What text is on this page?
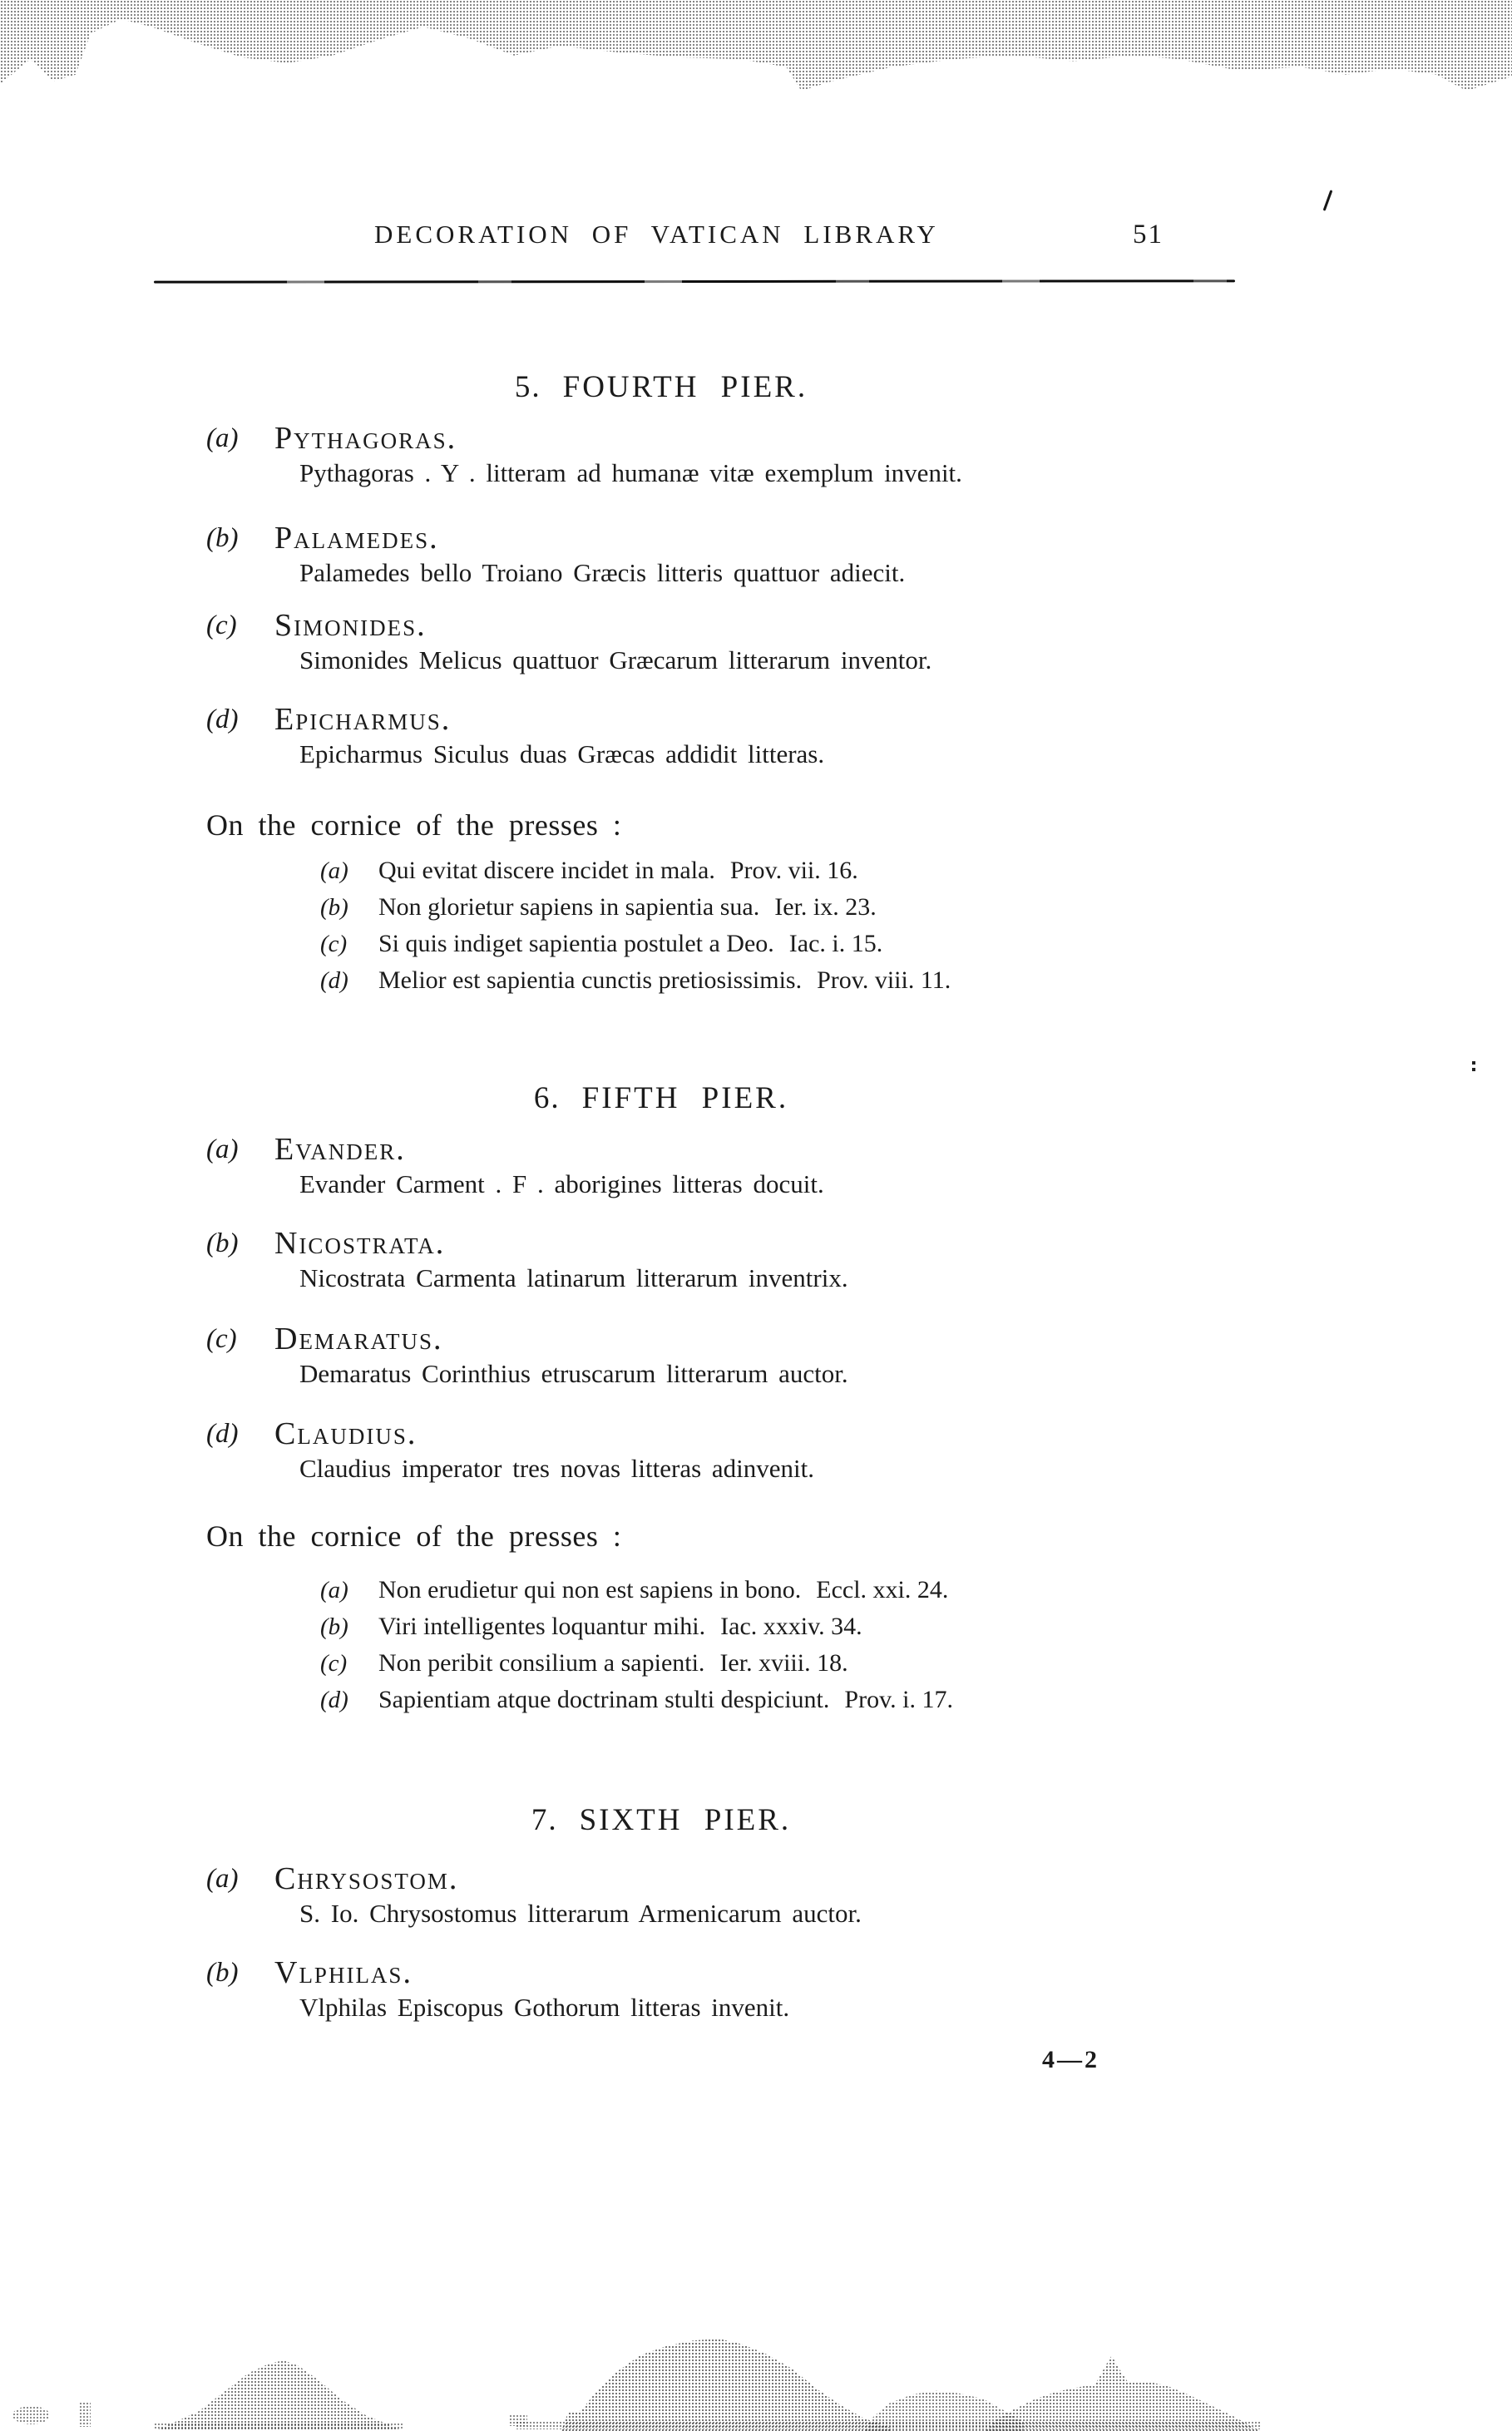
DECORATION OF VATICAN LIBRARY	51
5. FOURTH PIER.
(a)	Pythagoras.
Pythagoras . Y . litteram ad humanæ vitæ exemplum invenit.
(b)	Palamedes.
Palamedes bello Troiano Græcis litteris quattuor adiecit.
(c)	Simonides.
Simonides Melicus quattuor Græcarum litterarum inventor.
(d)	Epicharmus.
Epicharmus Siculus duas Græcas addidit litteras.
On the cornice of the presses :
(a)	Qui evitat discere incidet in mala. Prov. vii. 16.
(b)	Non glorietur sapiens in sapientia sua. Ier. ix. 23.
(c)	Si quis indiget sapientia postulet a Deo. Iac. i. 15.
(d)	Melior est sapientia cunctis pretiosissimis. Prov. viii. 11.
6. FIFTH PIER.
(a)	Evander.
Evander Carment . F . aborigines litteras docuit.
(b)	Nicostrata.
Nicostrata Carmenta latinarum litterarum inventrix.
(c)	Demaratus.
Demaratus Corinthius etruscarum litterarum auctor.
(d)	Claudius.
Claudius imperator tres novas litteras adinvenit.
On the cornice of the presses :
(a)	Non erudietur qui non est sapiens in bono. Eccl. xxi. 24.
(b)	Viri intelligentes loquantur mihi. Iac. xxxiv. 34.
(c)	Non peribit consilium a sapienti. Ier. xviii. 18.
(d)	Sapientiam atque doctrinam stulti despiciunt. Prov. i. 17.
7. SIXTH PIER.
(a)	Chrysostom.
S. Io. Chrysostomus litterarum Armenicarum auctor.
(b)	Vlphilas.
Vlphilas Episcopus Gothorum litteras invenit.
4—2
